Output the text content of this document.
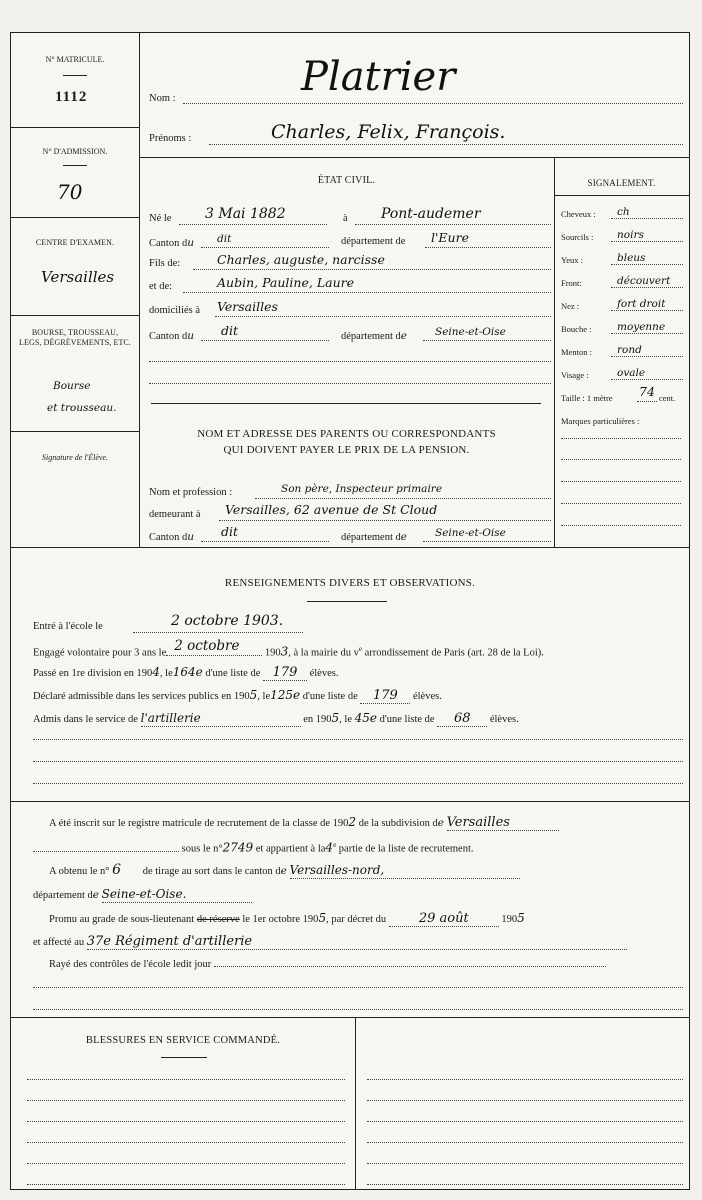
N° MATRICULE.
1112
N° D'ADMISSION.
70
CENTRE D'EXAMEN.
Versailles
BOURSE, TROUSSEAU,
LEGS, DÉGRÈVEMENTS, ETC.
Bourse
et trousseau.
Signature de l'Élève.
Nom :	Platrier
Prénoms :	Charles, Felix, François.
ÉTAT CIVIL.
Né le 3 Mai 1882	à Pont-audemer
Canton du dit	département de l'Eure
Fils de:	Charles, auguste, narcisse
et de:	Aubin, Pauline, Laure
domiciliés à Versailles
Canton du dit	département de	Seine-et-Oise
NOM ET ADRESSE DES PARENTS OU CORRESPONDANTS
QUI DOIVENT PAYER LE PRIX DE LA PENSION.
Nom et profession :	Son père, Inspecteur primaire
demeurant à Versailles, 62 avenue de St Cloud
Canton du dit	département de	Seine-et-Oise
SIGNALEMENT.
Cheveux : ch
Sourcils : noirs
Yeux :	bleus
Front:	découvert
Nez :	fort droit
Bouche : moyenne
Menton : rond
Visage :	ovale
Taille : 1 mètre 74 cent.
Marques particulières :
RENSEIGNEMENTS DIVERS ET OBSERVATIONS.
Entré à l'école le	2 octobre 1903.
Engagé volontaire pour 3 ans le 2 octobre 1903, à la mairie du $v^e$ arrondissement de Paris (art. 28 de la Loi).
Passé en 1re division en 1904, le164e d'une liste de 179 élèves.
Déclaré admissible dans les services publics en 1905, le125e d'une liste de 179 élèves.
Admis dans le service de l'artillerie	en 1905, le 45e d'une liste de 68 élèves.
A été inscrit sur le registre matricule de recrutement de la classe de 1902 de la subdivision de Versailles
sous le n°2749 et appartient à la4e partie de la liste de recrutement.
A obtenu le n° 6 de tirage au sort dans le canton de Versailles-nord,
département de Seine-et-Oise.
Promu au grade de sous-lieutenant de réserve le 1er octobre 1905, par décret du	29 août	1905
et affecté au 37e Régiment d'artillerie
Rayé des contrôles de l'école ledit jour
BLESSURES EN SERVICE COMMANDÉ.
